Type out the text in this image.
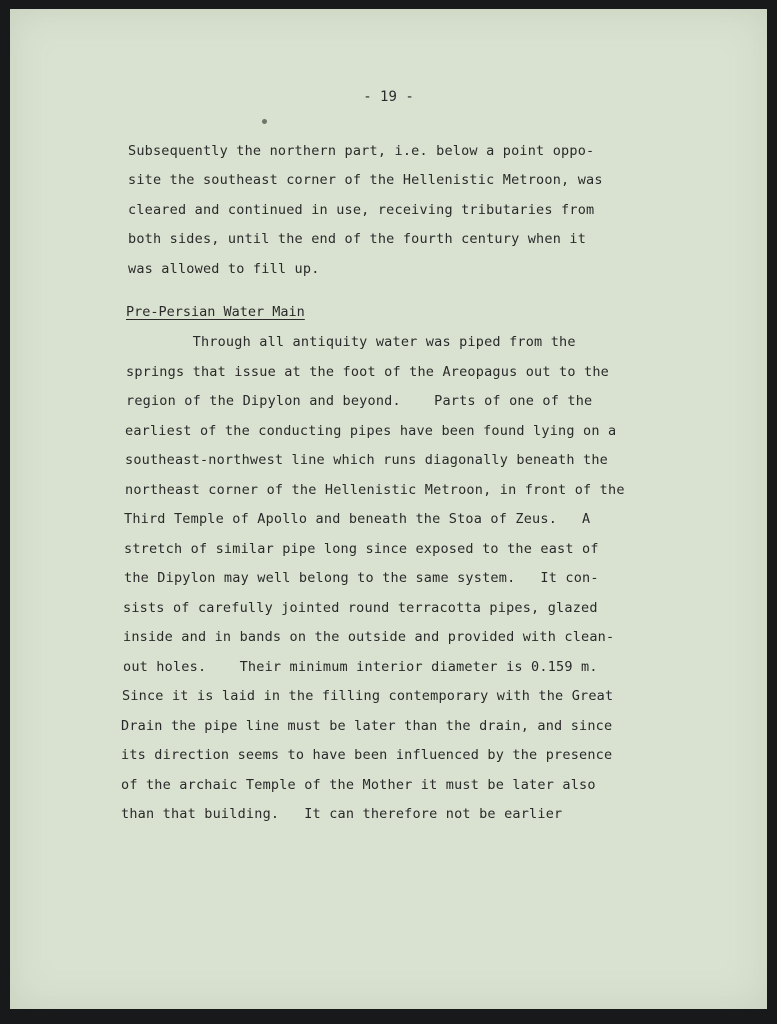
- 19 -
Subsequently the northern part, i.e. below a point oppo-
site the southeast corner of the Hellenistic Metroon, was
cleared and continued in use, receiving tributaries from
both sides, until the end of the fourth century when it
was allowed to fill up.
Pre-Persian Water Main
Through all antiquity water was piped from the
springs that issue at the foot of the Areopagus out to the
region of the Dipylon and beyond.    Parts of one of the
earliest of the conducting pipes have been found lying on a
southeast-northwest line which runs diagonally beneath the
northeast corner of the Hellenistic Metroon, in front of the
Third Temple of Apollo and beneath the Stoa of Zeus.   A
stretch of similar pipe long since exposed to the east of
the Dipylon may well belong to the same system.   It con-
sists of carefully jointed round terracotta pipes, glazed
inside and in bands on the outside and provided with clean-
out holes.    Their minimum interior diameter is 0.159 m.
Since it is laid in the filling contemporary with the Great
Drain the pipe line must be later than the drain, and since
its direction seems to have been influenced by the presence
of the archaic Temple of the Mother it must be later also
than that building.   It can therefore not be earlier
